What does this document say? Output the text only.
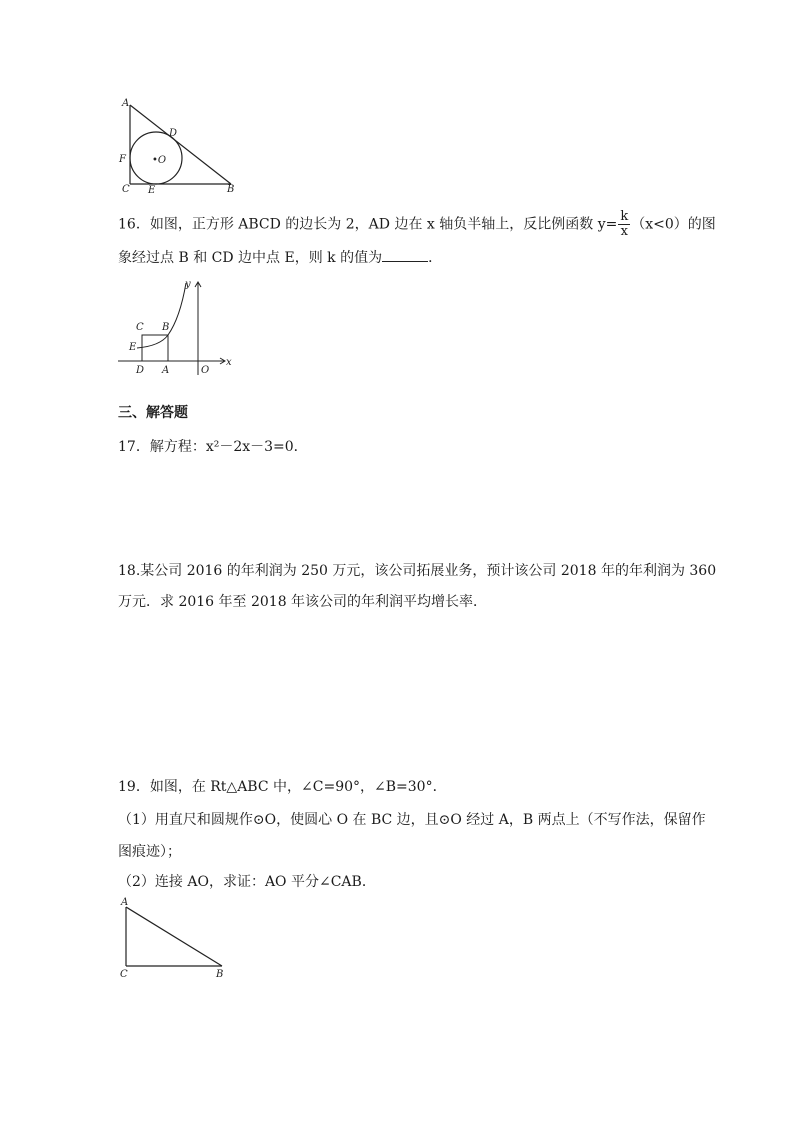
A
D
F	•O
C E	B
16．如图，正方形 ABCD 的边长为 2，AD 边在 x 轴负半轴上，反比例函数 $y= \frac{k}{x} (x<0)$的图
象经过点 B 和 CD 边中点 E，则 k 的值为	．
y
x
C B
E
D A	O
三、解答题
17．解方程：x²－2x－3=0．
18.某公司 2016 的年利润为 250 万元，该公司拓展业务，预计该公司 2018 年的年利润为 360
万元．求 2016 年至 2018 年该公司的年利润平均增长率．
19．如图，在 Rt△ABC 中，∠C=90°，∠B=30°．
（1）用直尺和圆规作⊙O，使圆心 O 在 BC 边，且⊙O 经过 A，B 两点上（不写作法，保留作
图痕迹）；
（2）连接 AO，求证：AO 平分∠CAB．
A
C	B
